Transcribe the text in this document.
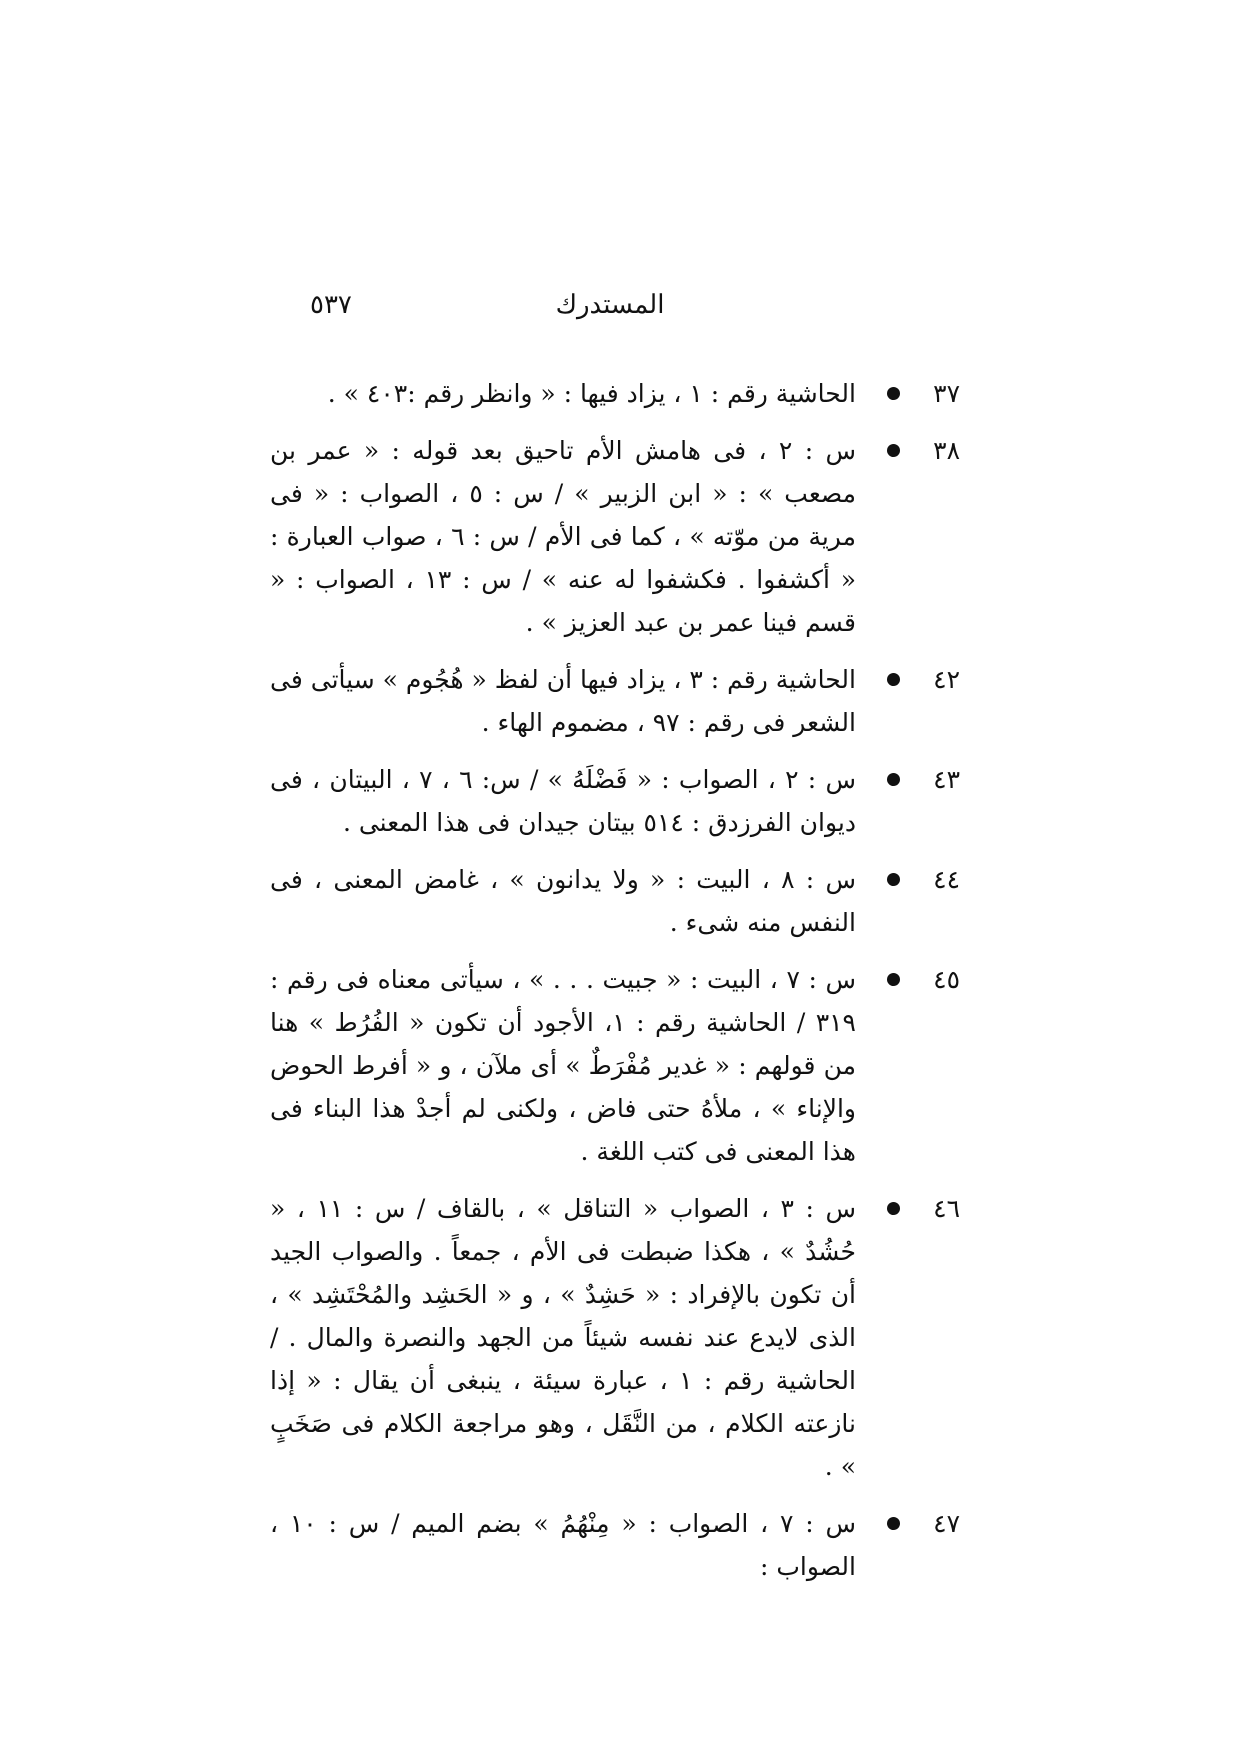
المستدرك
٥٣٧
٣٧
الحاشية رقم : ١ ، يزاد فيها : « وانظر رقم :٤٠٣ » .
٣٨
س : ٢ ، فى هامش الأم تاحيق بعد قوله : « عمر بن مصعب » : « ابن الزبير » / س : ٥ ، الصواب : « فى مرية من موّته » ، كما فى الأم / س : ٦ ، صواب العبارة : « أكشفوا . فكشفوا له عنه » / س : ١٣ ، الصواب : « قسم فينا عمر بن عبد العزيز » .
٤٢
الحاشية رقم : ٣ ، يزاد فيها أن لفظ « هُجُوم » سيأتى فى الشعر فى رقم : ٩٧ ، مضموم الهاء .
٤٣
س : ٢ ، الصواب : « فَضْلَهُ » / س: ٦ ، ٧ ، البيتان ، فى ديوان الفرزدق : ٥١٤ بيتان جيدان فى هذا المعنى .
٤٤
س : ٨ ، البيت : « ولا يدانون » ، غامض المعنى ، فى النفس منه شىء .
٤٥
س : ٧ ، البيت : « جبيت . . . » ، سيأتى معناه فى رقم : ٣١٩ / الحاشية رقم : ١، الأجود أن تكون « الفُرُط » هنا من قولهم : « غدير مُفْرَطٌ » أى ملآن ، و « أفرط الحوض والإناء » ، ملأهُ حتى فاض ، ولكنى لم أجدْ هذا البناء فى هذا المعنى فى كتب اللغة .
٤٦
س : ٣ ، الصواب « التناقل » ، بالقاف / س : ١١ ، « حُشُدٌ » ، هكذا ضبطت فى الأم ، جمعاً . والصواب الجيد أن تكون بالإفراد : « حَشِدٌ » ، و « الحَشِد والمُحْتَشِد » ، الذى لايدع عند نفسه شيئاً من الجهد والنصرة والمال . / الحاشية رقم : ١ ، عبارة سيئة ، ينبغى أن يقال : « إذا نازعته الكلام ، من النَّقَل ، وهو مراجعة الكلام فى صَخَبٍ » .
٤٧
س : ٧ ، الصواب : « مِنْهُمُ » بضم الميم / س : ١٠ ، الصواب :
